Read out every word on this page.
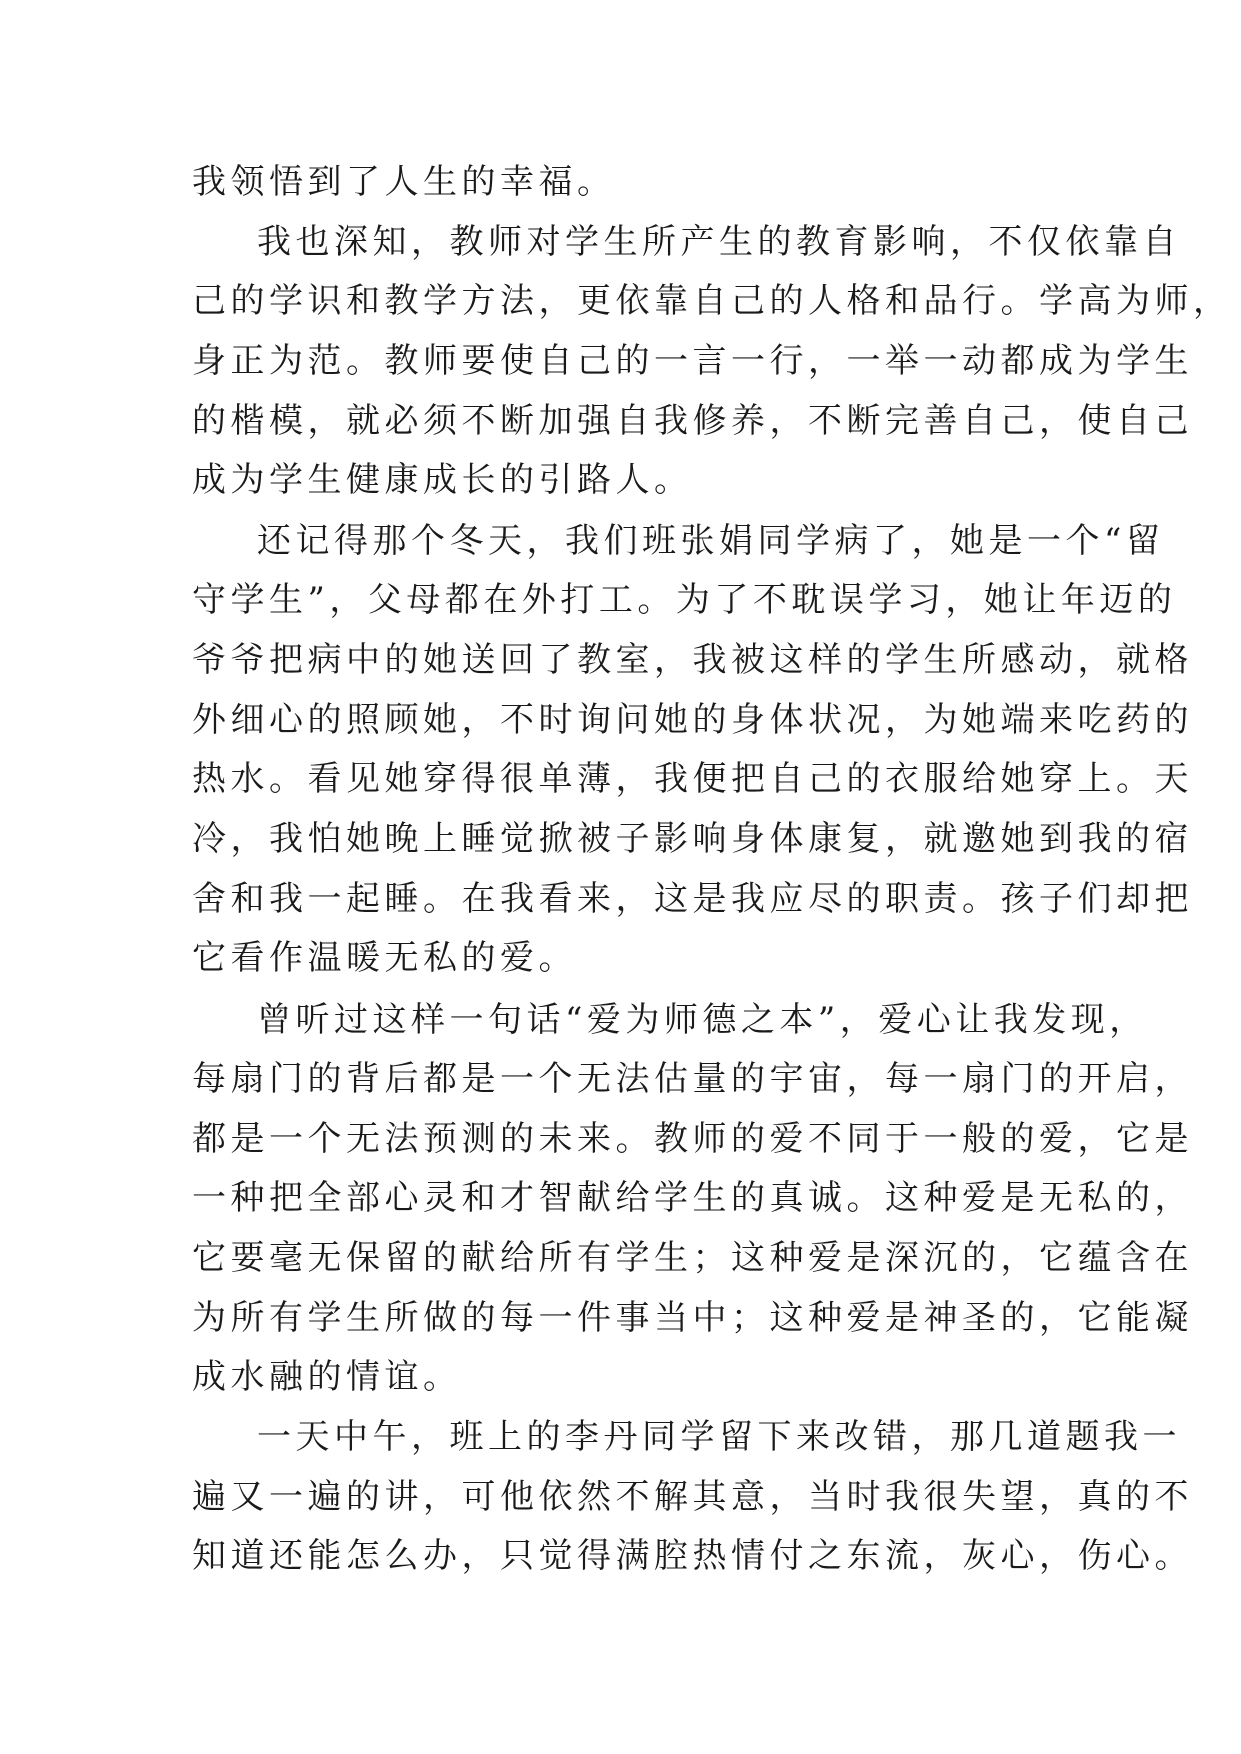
我领悟到了人生的幸福。
我也深知，教师对学生所产生的教育影响，不仅依靠自
己的学识和教学方法，更依靠自己的人格和品行。学高为师，
身正为范。教师要使自己的一言一行，一举一动都成为学生
的楷模，就必须不断加强自我修养，不断完善自己，使自己
成为学生健康成长的引路人。
还记得那个冬天，我们班张娟同学病了，她是一个“留
守学生”，父母都在外打工。为了不耽误学习，她让年迈的
爷爷把病中的她送回了教室，我被这样的学生所感动，就格
外细心的照顾她，不时询问她的身体状况，为她端来吃药的
热水。看见她穿得很单薄，我便把自己的衣服给她穿上。天
冷，我怕她晚上睡觉掀被子影响身体康复，就邀她到我的宿
舍和我一起睡。在我看来，这是我应尽的职责。孩子们却把
它看作温暖无私的爱。
曾听过这样一句话“爱为师德之本”，爱心让我发现，
每扇门的背后都是一个无法估量的宇宙，每一扇门的开启，
都是一个无法预测的未来。教师的爱不同于一般的爱，它是
一种把全部心灵和才智献给学生的真诚。这种爱是无私的，
它要毫无保留的献给所有学生；这种爱是深沉的，它蕴含在
为所有学生所做的每一件事当中；这种爱是神圣的，它能凝
成水融的情谊。
一天中午，班上的李丹同学留下来改错，那几道题我一
遍又一遍的讲，可他依然不解其意，当时我很失望，真的不
知道还能怎么办，只觉得满腔热情付之东流，灰心，伤心。
